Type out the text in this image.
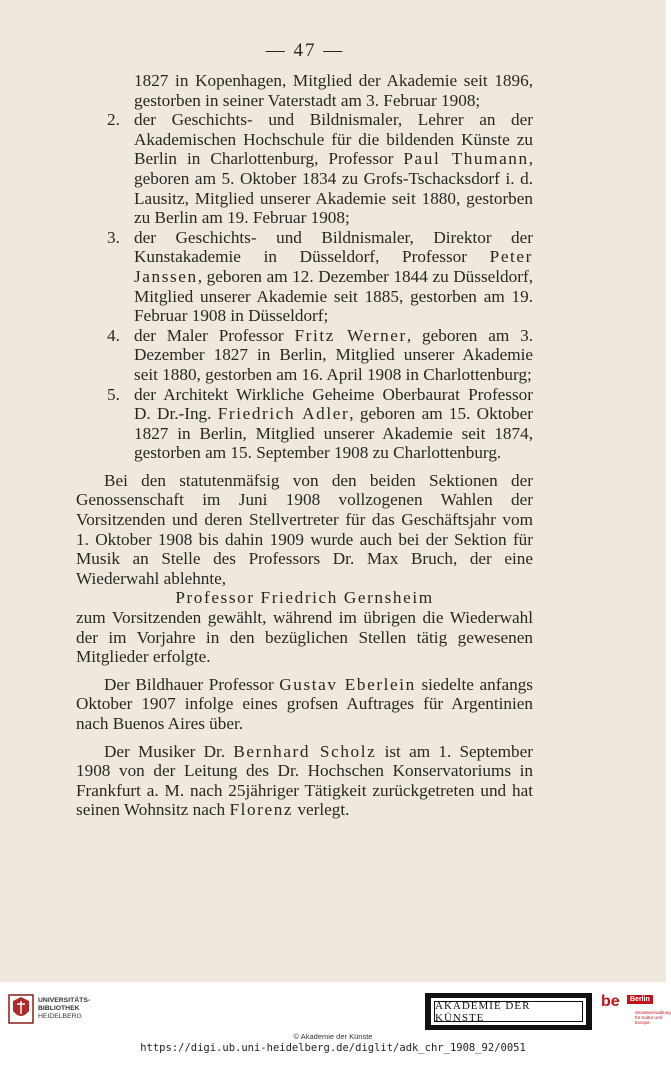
— 47 —

1827 in Kopenhagen, Mitglied der Akademie seit 1896, gestorben in seiner Vaterstadt am 3. Februar 1908;

2. der Geschichts- und Bildnismaler, Lehrer an der Akademischen Hochschule für die bildenden Künste zu Berlin in Charlottenburg, Professor Paul Thumann, geboren am 5. Oktober 1834 zu Grofs-Tschacksdorf i. d. Lausitz, Mitglied unserer Akademie seit 1880, gestorben zu Berlin am 19. Februar 1908;

3. der Geschichts- und Bildnismaler, Direktor der Kunstakademie in Düsseldorf, Professor Peter Janssen, geboren am 12. Dezember 1844 zu Düsseldorf, Mitglied unserer Akademie seit 1885, gestorben am 19. Februar 1908 in Düsseldorf;

4. der Maler Professor Fritz Werner, geboren am 3. Dezember 1827 in Berlin, Mitglied unserer Akademie seit 1880, gestorben am 16. April 1908 in Charlottenburg;

5. der Architekt Wirkliche Geheime Oberbaurat Professor D. Dr.-Ing. Friedrich Adler, geboren am 15. Oktober 1827 in Berlin, Mitglied unserer Akademie seit 1874, gestorben am 15. September 1908 zu Charlottenburg.

Bei den statutenmäfsig von den beiden Sektionen der Genossenschaft im Juni 1908 vollzogenen Wahlen der Vorsitzenden und deren Stellvertreter für das Geschäftsjahr vom 1. Oktober 1908 bis dahin 1909 wurde auch bei der Sektion für Musik an Stelle des Professors Dr. Max Bruch, der eine Wiederwahl ablehnte,

Professor Friedrich Gernsheim

zum Vorsitzenden gewählt, während im übrigen die Wiederwahl der im Vorjahre in den bezüglichen Stellen tätig gewesenen Mitglieder erfolgte.

Der Bildhauer Professor Gustav Eberlein siedelte anfangs Oktober 1907 infolge eines grofsen Auftrages für Argentinien nach Buenos Aires über.

Der Musiker Dr. Bernhard Scholz ist am 1. September 1908 von der Leitung des Dr. Hochschen Konservatoriums in Frankfurt a. M. nach 25jähriger Tätigkeit zurückgetreten und hat seinen Wohnsitz nach Florenz verlegt.

UNIVERSITÄTS-
BIBLIOTHEK
HEIDELBERG
AKADEMIE DER KÜNSTE
be	Berlin
Senatsverwaltung für Kultur und Europa
© Akademie der Künste
https://digi.ub.uni-heidelberg.de/diglit/adk_chr_1908_92/0051
